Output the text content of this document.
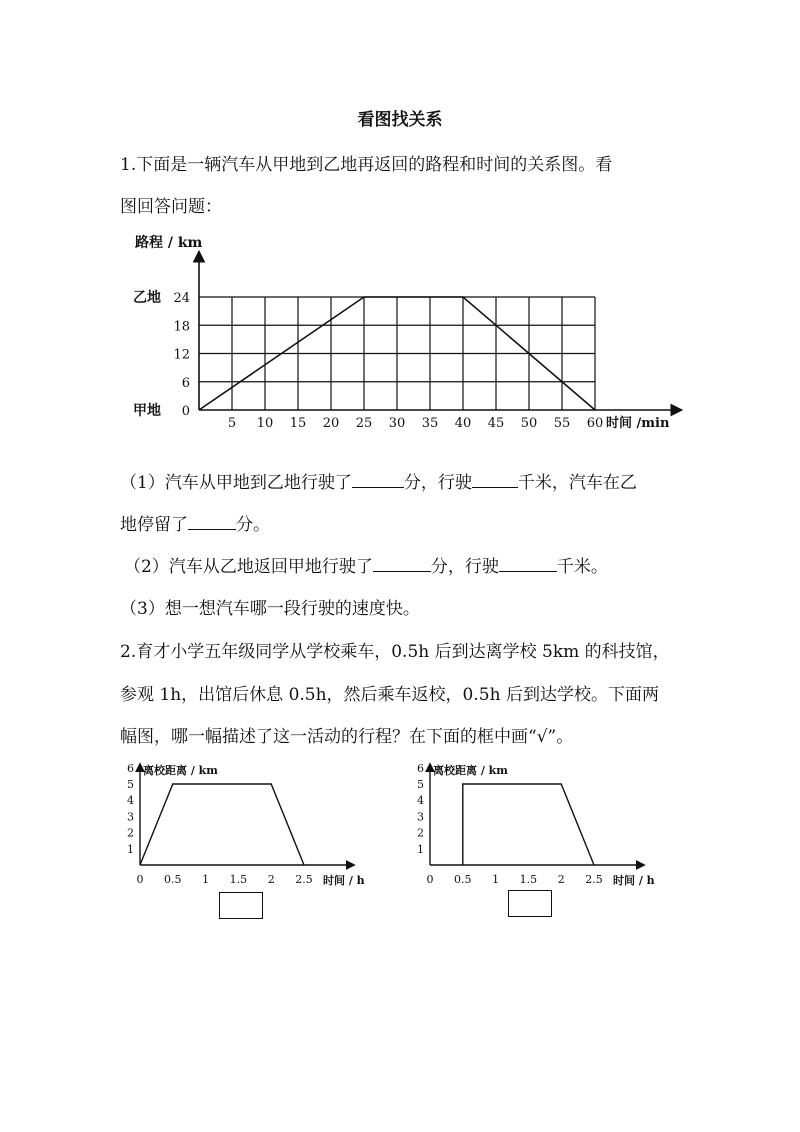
看图找关系
1.下面是一辆汽车从甲地到乙地再返回的路程和时间的关系图。看
图回答问题：
5 10 15 20 25 30 35 40 45 50 55 60
0
6
12
18
24
路程 / km
时间 /min
乙地
甲地
（1）汽车从甲地到乙地行驶了	分，行驶	千米，汽车在乙
地停留了	分。
（2）汽车从乙地返回甲地行驶了	分，行驶	千米。
（3）想一想汽车哪一段行驶的速度快。
2.育才小学五年级同学从学校乘车，0.5h 后到达离学校 5km 的科技馆，
参观 1h，出馆后休息 0.5h，然后乘车返校，0.5h 后到达学校。下面两
幅图，哪一幅描述了这一活动的行程？在下面的框中画“√”。
0 0.5 1 1.5 2 2.5
1
2
3
4
5
6 离校距离 / km
时间 / h	0 0.5 1 1.5 2 2.5
1
2
3
4
5
6 离校距离 / km
时间 / h
